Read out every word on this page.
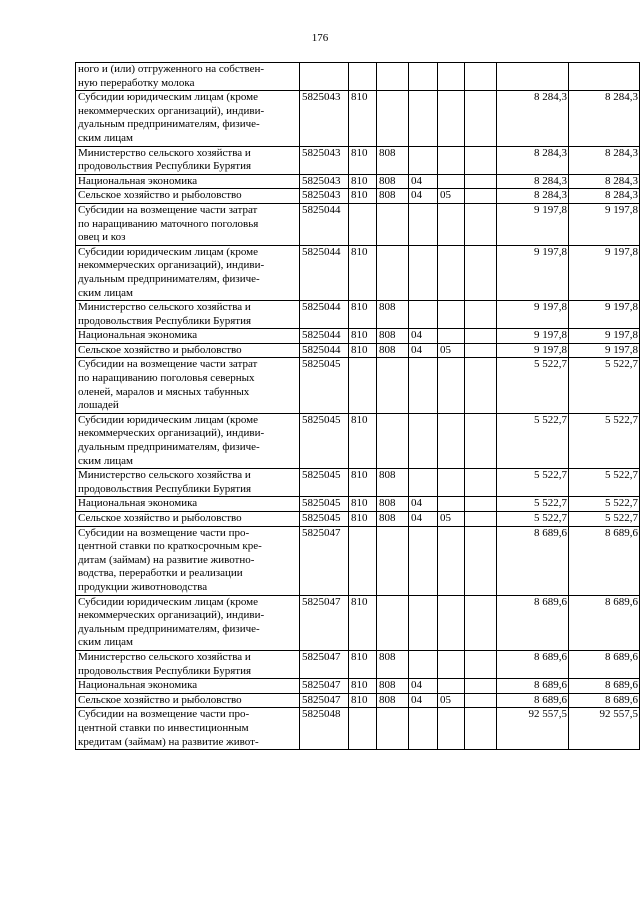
176
ного и (или) отгруженного на собствен-
ную переработку молока								

Субсидии юридическим лицам (кроме
некоммерческих организаций), индиви-
дуальным предпринимателям, физиче-
ским лицам	5825043	810					8 284,3	8 284,3

Министерство сельского хозяйства и
продовольствия Республики Бурятия	5825043	810	808				8 284,3	8 284,3

Национальная экономика	5825043	810	808	04			8 284,3	8 284,3

Сельское хозяйство и рыболовство	5825043	810	808	04	05		8 284,3	8 284,3

Субсидии на возмещение части затрат
по наращиванию маточного поголовья
овец и коз	5825044						9 197,8	9 197,8

Субсидии юридическим лицам (кроме
некоммерческих организаций), индиви-
дуальным предпринимателям, физиче-
ским лицам	5825044	810					9 197,8	9 197,8

Министерство сельского хозяйства и
продовольствия Республики Бурятия	5825044	810	808				9 197,8	9 197,8

Национальная экономика	5825044	810	808	04			9 197,8	9 197,8

Сельское хозяйство и рыболовство	5825044	810	808	04	05		9 197,8	9 197,8

Субсидии на возмещение части затрат
по наращиванию поголовья северных
оленей, маралов и мясных табунных
лошадей	5825045						5 522,7	5 522,7

Субсидии юридическим лицам (кроме
некоммерческих организаций), индиви-
дуальным предпринимателям, физиче-
ским лицам	5825045	810					5 522,7	5 522,7

Министерство сельского хозяйства и
продовольствия Республики Бурятия	5825045	810	808				5 522,7	5 522,7

Национальная экономика	5825045	810	808	04			5 522,7	5 522,7

Сельское хозяйство и рыболовство	5825045	810	808	04	05		5 522,7	5 522,7

Субсидии на возмещение части про-
центной ставки по краткосрочным кре-
дитам (займам) на развитие животно-
водства, переработки и реализации
продукции животноводства	5825047						8 689,6	8 689,6

Субсидии юридическим лицам (кроме
некоммерческих организаций), индиви-
дуальным предпринимателям, физиче-
ским лицам	5825047	810					8 689,6	8 689,6

Министерство сельского хозяйства и
продовольствия Республики Бурятия	5825047	810	808				8 689,6	8 689,6

Национальная экономика	5825047	810	808	04			8 689,6	8 689,6

Сельское хозяйство и рыболовство	5825047	810	808	04	05		8 689,6	8 689,6

Субсидии на возмещение части про-
центной ставки по инвестиционным
кредитам (займам) на развитие живот-	5825048						92 557,5	92 557,5
